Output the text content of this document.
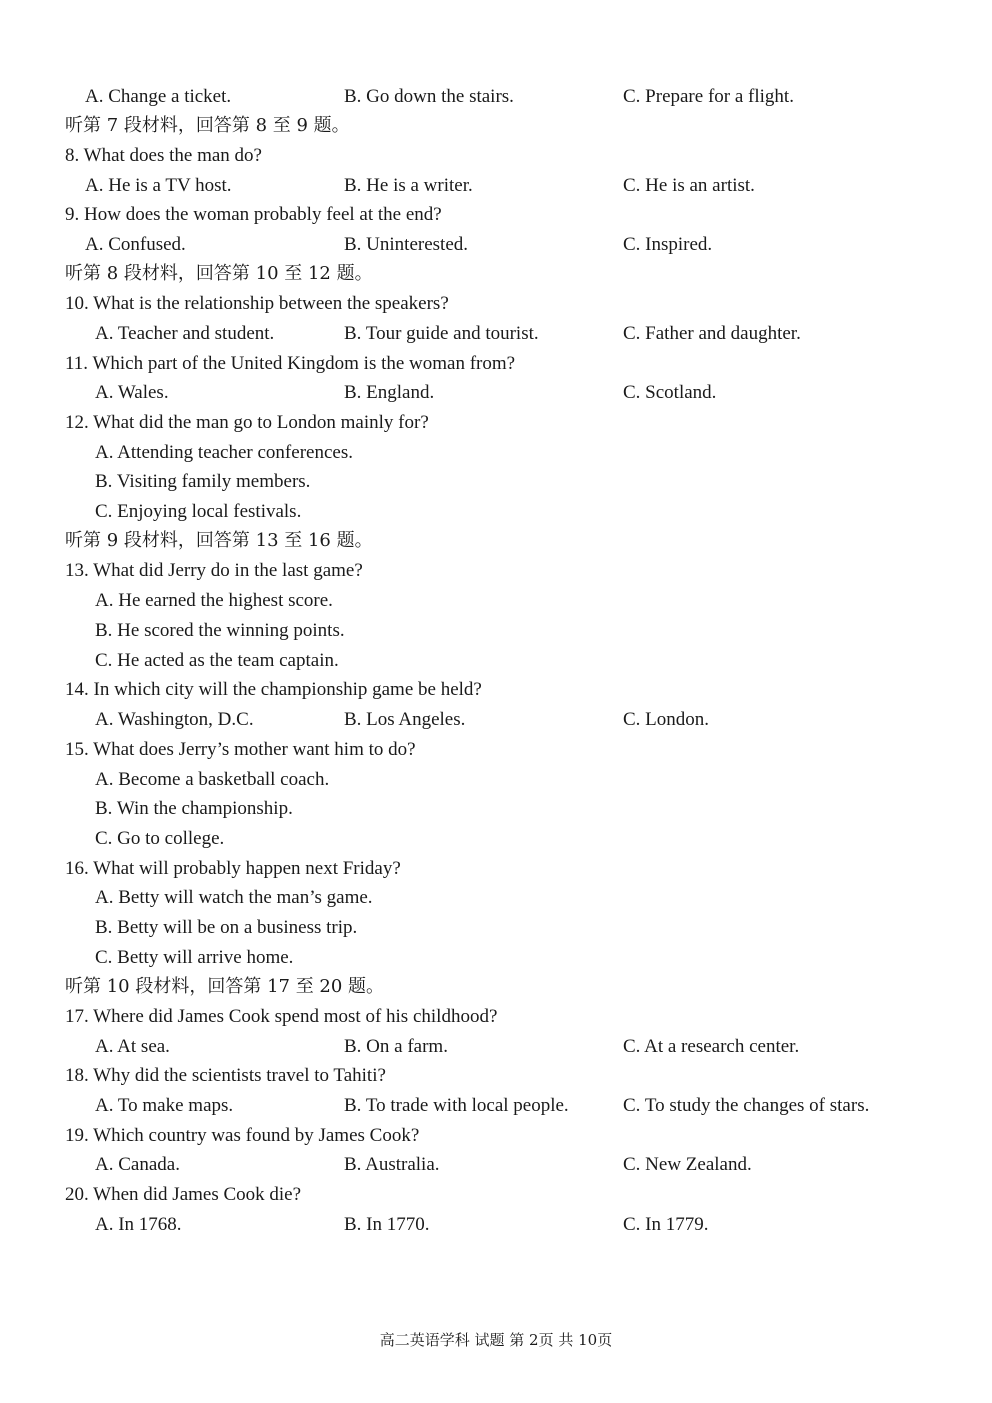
A. Change a ticket.	B. Go down the stairs.	C. Prepare for a flight.
听第 7 段材料，回答第 8 至 9 题。
8. What does the man do?
A. He is a TV host.	B. He is a writer.	C. He is an artist.
9. How does the woman probably feel at the end?
A. Confused.	B. Uninterested.	C. Inspired.
听第 8 段材料，回答第 10 至 12 题。
10. What is the relationship between the speakers?
A. Teacher and student.	B. Tour guide and tourist.	C. Father and daughter.
11. Which part of the United Kingdom is the woman from?
A. Wales.	B. England.	C. Scotland.
12. What did the man go to London mainly for?
A. Attending teacher conferences.
B. Visiting family members.
C. Enjoying local festivals.
听第 9 段材料，回答第 13 至 16 题。
13. What did Jerry do in the last game?
A. He earned the highest score.
B. He scored the winning points.
C. He acted as the team captain.
14. In which city will the championship game be held?
A. Washington, D.C.	B. Los Angeles.	C. London.
15. What does Jerry’s mother want him to do?
A. Become a basketball coach.
B. Win the championship.
C. Go to college.
16. What will probably happen next Friday?
A. Betty will watch the man’s game.
B. Betty will be on a business trip.
C. Betty will arrive home.
听第 10 段材料，回答第 17 至 20 题。
17. Where did James Cook spend most of his childhood?
A. At sea.	B. On a farm.	C. At a research center.
18. Why did the scientists travel to Tahiti?
A. To make maps.	B. To trade with local people.	C. To study the changes of stars.
19. Which country was found by James Cook?
A. Canada.	B. Australia.	C. New Zealand.
20. When did James Cook die?
A. In 1768.	B. In 1770.	C. In 1779.
高二英语学科 试题 第 2页 共 10页
